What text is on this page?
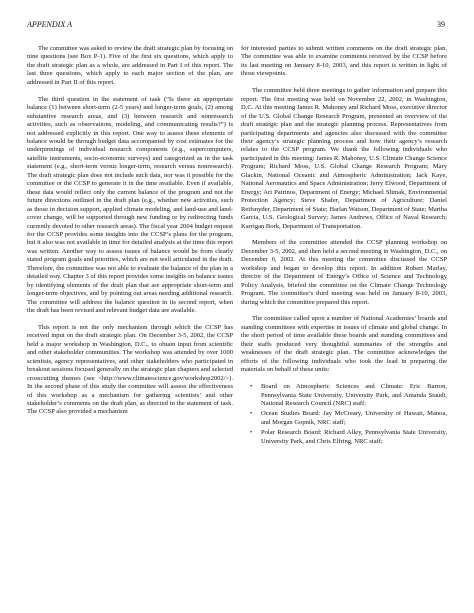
APPENDIX A	39

The committee was asked to review the draft strategic plan by focusing on nine questions (see Box P-1). Five of the first six questions, which apply to the draft strategic plan as a whole, are addressed in Part I of this report. The last three questions, which apply to each major section of the plan, are addressed in Part II of this report.

The third question in the statement of task (“Is there an appropriate balance (1) between short-term (2-5 years) and longer-term goals, (2) among substantive research areas, and (3) between research and nonresearch activities, such as observations, modeling, and communicating results?”) is not addressed explicitly in this report. One way to assess these elements of balance would be through budget data accompanied by cost estimates for the underpinnings of individual research components (e.g., supercomputers, satellite instruments, socio-economic surveys) and categorized as in the task statement (e.g., short-term versus longer-term, research versus nonresearch). The draft strategic plan does not include such data, nor was it possible for the committee or the CCSP to generate it in the time available. Even if available, these data would reflect only the current balance of the program and not the future directions outlined in the draft plan (e.g., whether new activities, such as those in decision support, applied climate modeling, and land-use and land-cover change, will be supported through new funding or by redirecting funds currently devoted to other research areas). The fiscal year 2004 budget request for the CCSP provides some insights into the CCSP’s plans for the program, but it also was not available in time for detailed analysis at the time this report was written. Another way to assess issues of balance would be from clearly stated program goals and priorities, which are not well articulated in the draft. Therefore, the committee was not able to evaluate the balance of the plan in a detailed way. Chapter 3 of this report provides some insights on balance issues by identifying elements of the draft plan that are appropriate short-term and longer-term objectives, and by pointing out areas needing additional research. The committee will address the balance question in its second report, when the draft has been revised and relevant budget data are available.

This report is not the only mechanism through which the CCSP has received input on the draft strategic plan. On December 3-5, 2002, the CCSP held a major workshop in Washington, D.C., to obtain input from scientific and other stakeholder communities. The workshop was attended by over 1000 scientists, agency representatives, and other stakeholders who participated in breakout sessions focused generally on the strategic plan chapters and selected crosscutting themes (see <http://www.climatescience.gov/workshop2002/>). In the second phase of this study the committee will assess the effectiveness of this workshop as a mechanism for gathering scientists’ and other stakeholder’s comments on the draft plan, as directed in the statement of task. The CCSP also provided a mechanism

for interested parties to submit written comments on the draft strategic plan. The committee was able to examine comments received by the CCSP before its last meeting on January 8-10, 2003, and this report is written in light of those viewpoints.

The committee held three meetings to gather information and prepare this report. The first meeting was held on November 22, 2002, in Washington, D.C. At this meeting James R. Mahoney and Richard Moss, executive director of the U.S. Global Change Research Program, presented an overview of the draft strategic plan and the strategic planning process. Representatives from participating departments and agencies also discussed with the committee their agency’s strategic planning process and how their agency’s research relates to the CCSP program. We thank the following individuals who participated in this meeting: James R. Mahoney, U.S. Climate Change Science Program; Richard Moss, U.S. Global Change Research Program; Mary Glackin, National Oceanic and Atmospheric Administration; Jack Kaye, National Aeronautics and Space Administration; Jerry Elwood, Department of Energy; Ari Patrinos, Department of Energy; Michael Slimak, Environmental Protection Agency; Steve Shafer, Department of Agriculture; Daniel Reifsnyder, Department of State; Harlan Watson, Department of State; Martha Garcia, U.S. Geological Survey; James Andrews, Office of Naval Research; Karrigan Bork, Department of Transportation.

Members of the committee attended the CCSP planning workshop on December 3-5, 2002, and then held a second meeting in Washington, D.C., on December 6, 2002. At this meeting the committee discussed the CCSP workshop and began to develop this report. In addition Robert Marlay, director of the Department of Energy’s Office of Science and Technology Policy Analysis, briefed the committee on the Climate Change Technology Program. The committee’s third meeting was held on January 8-10, 2003, during which the committee prepared this report.

The committee called upon a number of National Academies’ boards and standing committees with expertise in issues of climate and global change. In the short period of time available these boards and standing committees and their staffs produced very thoughtful summaries of the strengths and weaknesses of the draft strategic plan. The committee acknowledges the efforts of the following individuals who took the lead in preparing the materials on behalf of these units:

• Board on Atmospheric Sciences and Climate: Eric Barron, Pennsylvania State University, University Park, and Amanda Staudt, National Research Council (NRC) staff;
• Ocean Studies Board: Jay McCreary, University of Hawaii, Manoa, and Morgan Gopnik, NRC staff;
• Polar Research Board: Richard Alley, Pennsylvania State University, University Park, and Chris Elfring, NRC staff;
